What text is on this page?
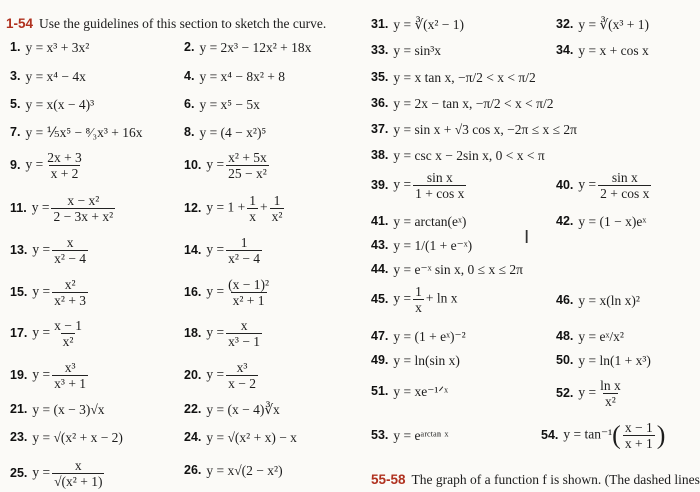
1-54 Use the guidelines of this section to sketch the curve.
1. y = x³ + 3x²	2. y = 2x³ − 12x² + 18x
3. y = x⁴ − 4x	4. y = x⁴ − 8x² + 8
5. y = x(x − 4)³	6. y = x⁵ − 5x
7. y = ⅕x⁵ − ⁸⁄₃x³ + 16x	8. y = (4 − x²)⁵
9. $y = \frac{2x + 3}{x + 2}$	10. $y = \frac{\text{x² + 5x}}{\text{25 − x²}}$
11. $y = \frac{\text{x − x²}}{\text{2 − 3x + x²}}$	12. $y = 1 + \frac{1}{x} + \frac{1}{\text{x²}}$
13. $y = \frac{x}{\text{x² − 4}}$	14. $y = \frac{1}{\text{x² − 4}}$
15. $y = \frac{\text{x²}}{\text{x² + 3}}$	16. $y = \frac{\text{(x − 1)²}}{\text{x² + 1}}$
17. $y = \frac{x - 1}{\text{x²}}$	18. $y = \frac{x}{\text{x³ − 1}}$
19. $y = \frac{\text{x³}}{\text{x³ + 1}}$	20. $y = \frac{\text{x³}}{x - 2}$
21. y = (x − 3)√x	22. y = (x − 4)∛x
23. y = √(x² + x − 2)	24. y = √(x² + x) − x
25. $y = \frac{x}{\text{√(x² + 1)}}$	26. y = x√(2 − x²)
31. y = ∛(x² − 1)	32. y = ∛(x³ + 1)
33. y = sin³x	34. y = x + cos x
35. y = x tan x, −π/2 < x < π/2
36. y = 2x − tan x, −π/2 < x < π/2
37. y = sin x + √3 cos x, −2π ≤ x ≤ 2π
38. y = csc x − 2sin x, 0 < x < π
39. $y = \frac{\text{sin x}}{\text{1 + cos x}}$	40. $y = \frac{\text{sin x}}{\text{2 + cos x}}$
41. y = arctan(eˣ)	42. y = (1 − x)eˣ
43. y = 1/(1 + e⁻ˣ)
44. y = e⁻ˣ sin x, 0 ≤ x ≤ 2π
45. $y = \frac{1}{x} + \ln x$	46. y = x(ln x)²
47. y = (1 + eˣ)⁻²	48. y = eˣ/x²
49. y = ln(sin x)	50. y = ln(1 + x³)
51. y = xe⁻¹ᐟˣ	52. $y = \frac{\text{ln x}}{\text{x²}}$
53. y = eᵃʳᶜᵗᵃⁿ ˣ	54. $y = \tan^{-1}( \frac{x - 1}{x + 1}$ )
55-58 The graph of a function f is shown. (The dashed lines
I
